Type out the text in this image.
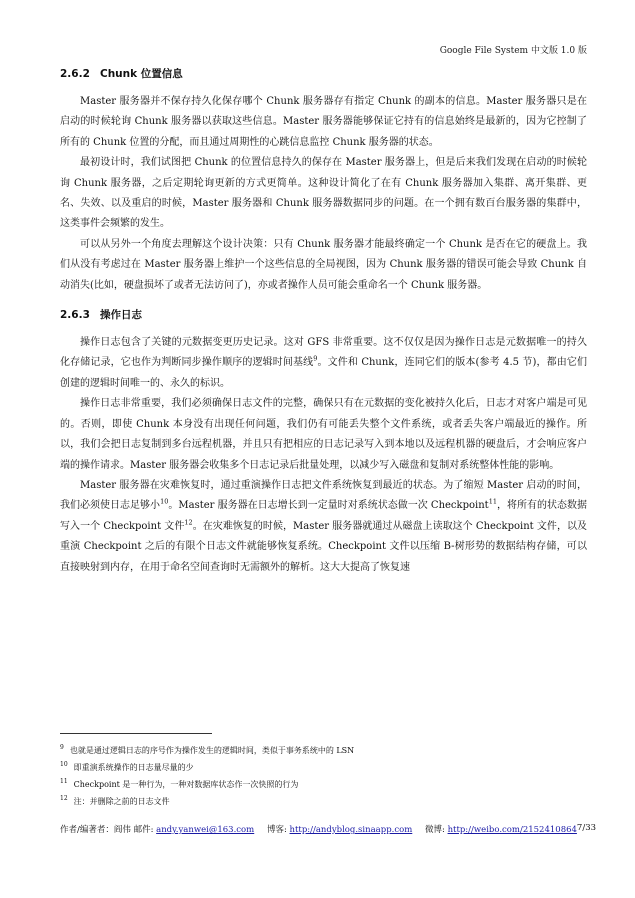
Google File System 中文版 1.0 版
2.6.2 Chunk 位置信息

Master 服务器并不保存持久化保存哪个 Chunk 服务器存有指定 Chunk 的副本的信息。Master 服务器只是在启动的时候轮询 Chunk 服务器以获取这些信息。Master 服务器能够保证它持有的信息始终是最新的，因为它控制了所有的 Chunk 位置的分配，而且通过周期性的心跳信息监控 Chunk 服务器的状态。

最初设计时，我们试图把 Chunk 的位置信息持久的保存在 Master 服务器上，但是后来我们发现在启动的时候轮询 Chunk 服务器，之后定期轮询更新的方式更简单。这种设计简化了在有 Chunk 服务器加入集群、离开集群、更名、失效、以及重启的时候，Master 服务器和 Chunk 服务器数据同步的问题。在一个拥有数百台服务器的集群中，这类事件会频繁的发生。

可以从另外一个角度去理解这个设计决策：只有 Chunk 服务器才能最终确定一个 Chunk 是否在它的硬盘上。我们从没有考虑过在 Master 服务器上维护一个这些信息的全局视图，因为 Chunk 服务器的错误可能会导致 Chunk 自动消失(比如，硬盘损坏了或者无法访问了)，亦或者操作人员可能会重命名一个 Chunk 服务器。

2.6.3 操作日志

操作日志包含了关键的元数据变更历史记录。这对 GFS 非常重要。这不仅仅是因为操作日志是元数据唯一的持久化存储记录，它也作为判断同步操作顺序的逻辑时间基线$^9$。文件和 Chunk，连同它们的版本(参考 4.5 节)，都由它们创建的逻辑时间唯一的、永久的标识。

操作日志非常重要，我们必须确保日志文件的完整，确保只有在元数据的变化被持久化后，日志才对客户端是可见的。否则，即使 Chunk 本身没有出现任何问题，我们仍有可能丢失整个文件系统，或者丢失客户端最近的操作。所以，我们会把日志复制到多台远程机器，并且只有把相应的日志记录写入到本地以及远程机器的硬盘后，才会响应客户端的操作请求。Master 服务器会收集多个日志记录后批量处理，以减少写入磁盘和复制对系统整体性能的影响。

Master 服务器在灾难恢复时，通过重演操作日志把文件系统恢复到最近的状态。为了缩短 Master 启动的时间，我们必须使日志足够小$^{10}$。Master 服务器在日志增长到一定量时对系统状态做一次 Checkpoint$^{11}$，将所有的状态数据写入一个 Checkpoint 文件$^{12}$。在灾难恢复的时候，Master 服务器就通过从磁盘上读取这个 Checkpoint 文件，以及重演 Checkpoint 之后的有限个日志文件就能够恢复系统。Checkpoint 文件以压缩 B-树形势的数据结构存储，可以直接映射到内存，在用于命名空间查询时无需额外的解析。这大大提高了恢复速

$^9$ 也就是通过逻辑日志的序号作为操作发生的逻辑时间，类似于事务系统中的 LSN

$^{10}$ 即重演系统操作的日志量尽量的少

$^{11}$ Checkpoint 是一种行为，一种对数据库状态作一次快照的行为

$^{12}$ 注：并删除之前的日志文件

作者/编著者：阎伟 邮件: andy.yanwei@163.com 博客: http://andyblog.sinaapp.com 微博: http://weibo.com/2152410864 7/33
